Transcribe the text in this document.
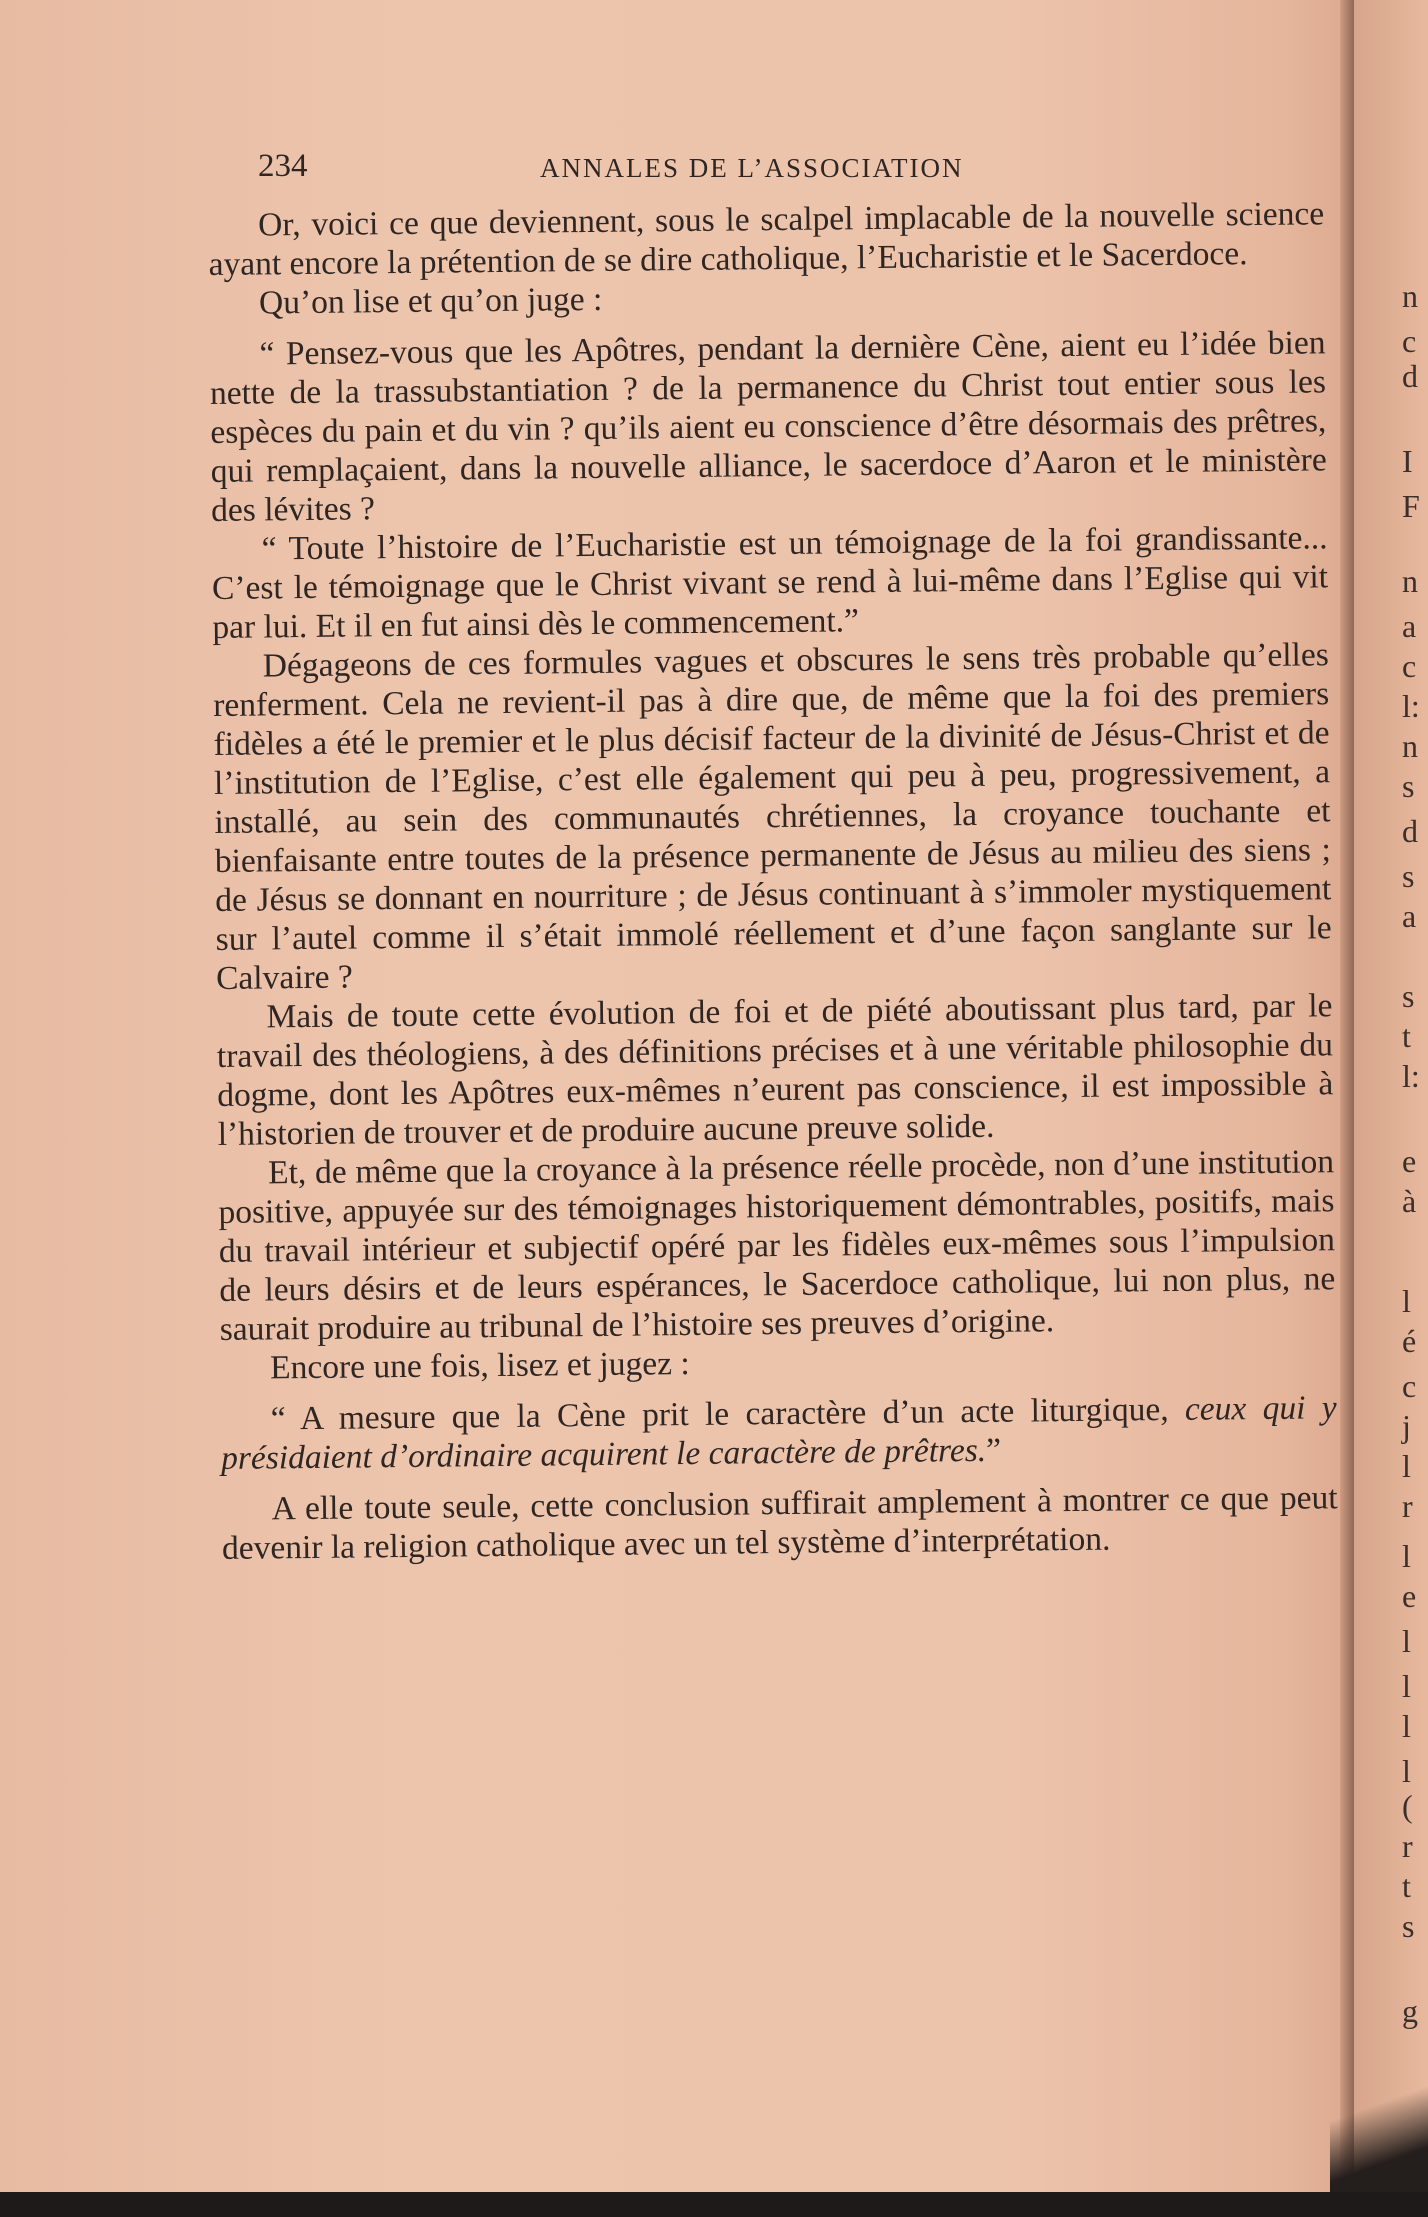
n
c
d
I
F
n
a
c
l:
n
s
d
s
a
s
t
l:
e
à
l
é
c
j
l
r
l
e
l
l
l
l
(
r
t
s
g
234	ANNALES DE L’ASSOCIATION

Or, voici ce que deviennent, sous le scalpel implacable de la nouvelle science ayant encore la prétention de se dire catholique, l’Eucharistie et le Sacerdoce.

Qu’on lise et qu’on juge :

“ Pensez-vous que les Apôtres, pendant la dernière Cène, aient eu l’idée bien nette de la trassubstantiation ? de la permanence du Christ tout entier sous les espèces du pain et du vin ? qu’ils aient eu conscience d’être désormais des prêtres, qui remplaçaient, dans la nouvelle alliance, le sacerdoce d’Aaron et le ministère des lévites ?

“ Toute l’histoire de l’Eucharistie est un témoignage de la foi grandissante... C’est le témoignage que le Christ vivant se rend à lui-même dans l’Eglise qui vit par lui. Et il en fut ainsi dès le commencement.”

Dégageons de ces formules vagues et obscures le sens très probable qu’elles renferment. Cela ne revient-il pas à dire que, de même que la foi des premiers fidèles a été le premier et le plus décisif facteur de la divinité de Jésus-Christ et de l’institution de l’Eglise, c’est elle également qui peu à peu, progressivement, a installé, au sein des communautés chrétiennes, la croyance touchante et bienfaisante entre toutes de la présence permanente de Jésus au milieu des siens ; de Jésus se donnant en nourriture ; de Jésus continuant à s’immoler mystiquement sur l’autel comme il s’était immolé réellement et d’une façon sanglante sur le Calvaire ?

Mais de toute cette évolution de foi et de piété aboutissant plus tard, par le travail des théologiens, à des définitions précises et à une véritable philosophie du dogme, dont les Apôtres eux-mêmes n’eurent pas conscience, il est impossible à l’historien de trouver et de produire aucune preuve solide.

Et, de même que la croyance à la présence réelle procède, non d’une institution positive, appuyée sur des témoignages historiquement démontrables, positifs, mais du travail intérieur et subjectif opéré par les fidèles eux-mêmes sous l’impulsion de leurs désirs et de leurs espérances, le Sacerdoce catholique, lui non plus, ne saurait produire au tribunal de l’histoire ses preuves d’origine.

Encore une fois, lisez et jugez :

“ A mesure que la Cène prit le caractère d’un acte liturgique, ceux qui y présidaient d’ordinaire acquirent le caractère de prêtres.”

A elle toute seule, cette conclusion suffirait amplement à montrer ce que peut devenir la religion catholique avec un tel système d’interprétation.
